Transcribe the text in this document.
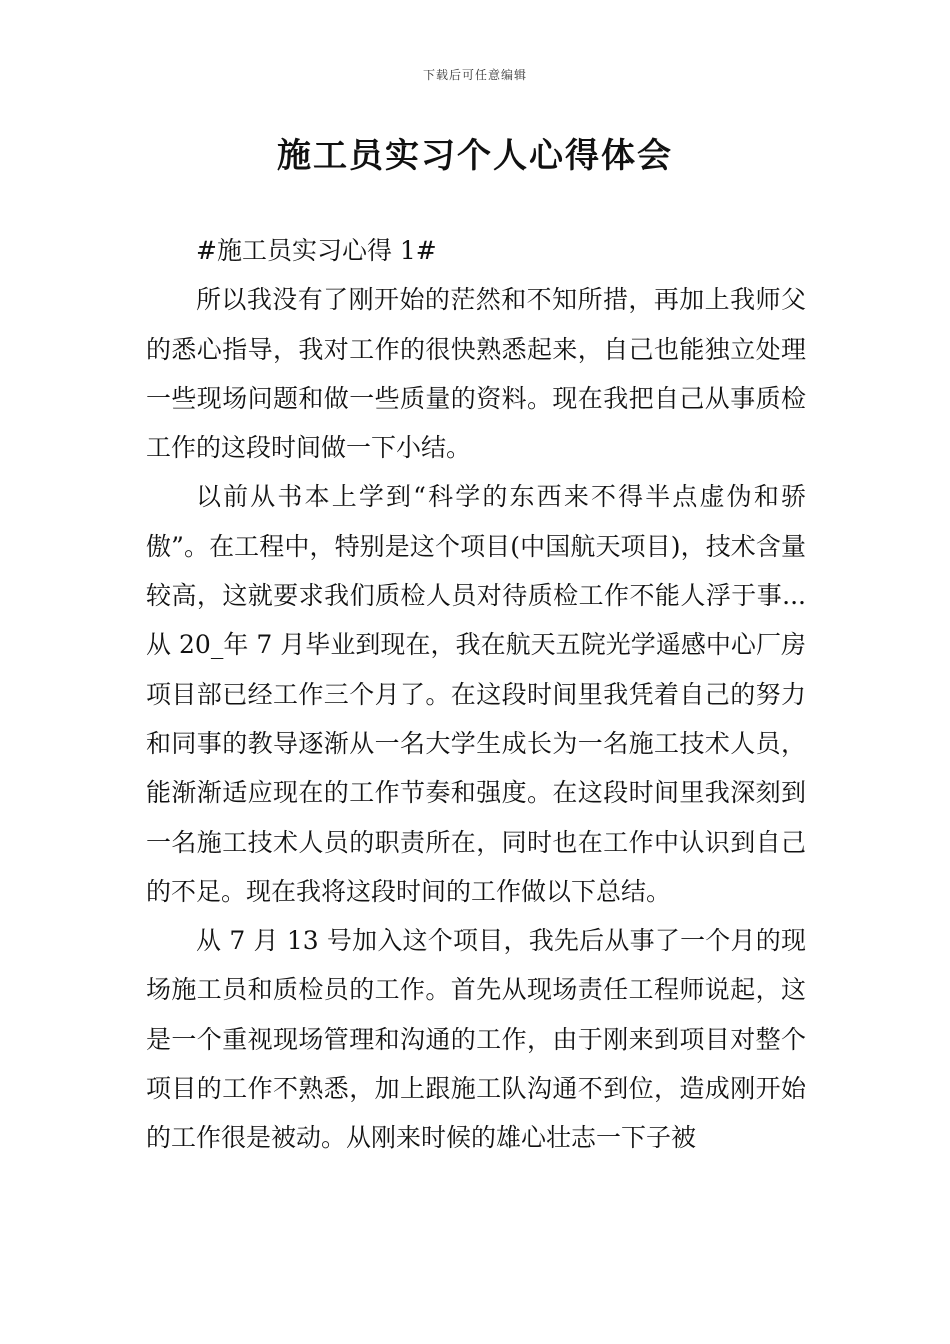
下载后可任意编辑
施工员实习个人心得体会

#施工员实习心得 1#

所以我没有了刚开始的茫然和不知所措，再加上我师父的悉心指导，我对工作的很快熟悉起来，自己也能独立处理一些现场问题和做一些质量的资料。现在我把自己从事质检工作的这段时间做一下小结。

以前从书本上学到“科学的东西来不得半点虚伪和骄傲”。在工程中，特别是这个项目(中国航天项目)，技术含量较高，这就要求我们质检人员对待质检工作不能人浮于事...从 20_年 7 月毕业到现在，我在航天五院光学遥感中心厂房项目部已经工作三个月了。在这段时间里我凭着自己的努力和同事的教导逐渐从一名大学生成长为一名施工技术人员，能渐渐适应现在的工作节奏和强度。在这段时间里我深刻到一名施工技术人员的职责所在，同时也在工作中认识到自己的不足。现在我将这段时间的工作做以下总结。

从 7 月 13 号加入这个项目，我先后从事了一个月的现场施工员和质检员的工作。首先从现场责任工程师说起，这是一个重视现场管理和沟通的工作，由于刚来到项目对整个项目的工作不熟悉，加上跟施工队沟通不到位，造成刚开始的工作很是被动。从刚来时候的雄心壮志一下子被
